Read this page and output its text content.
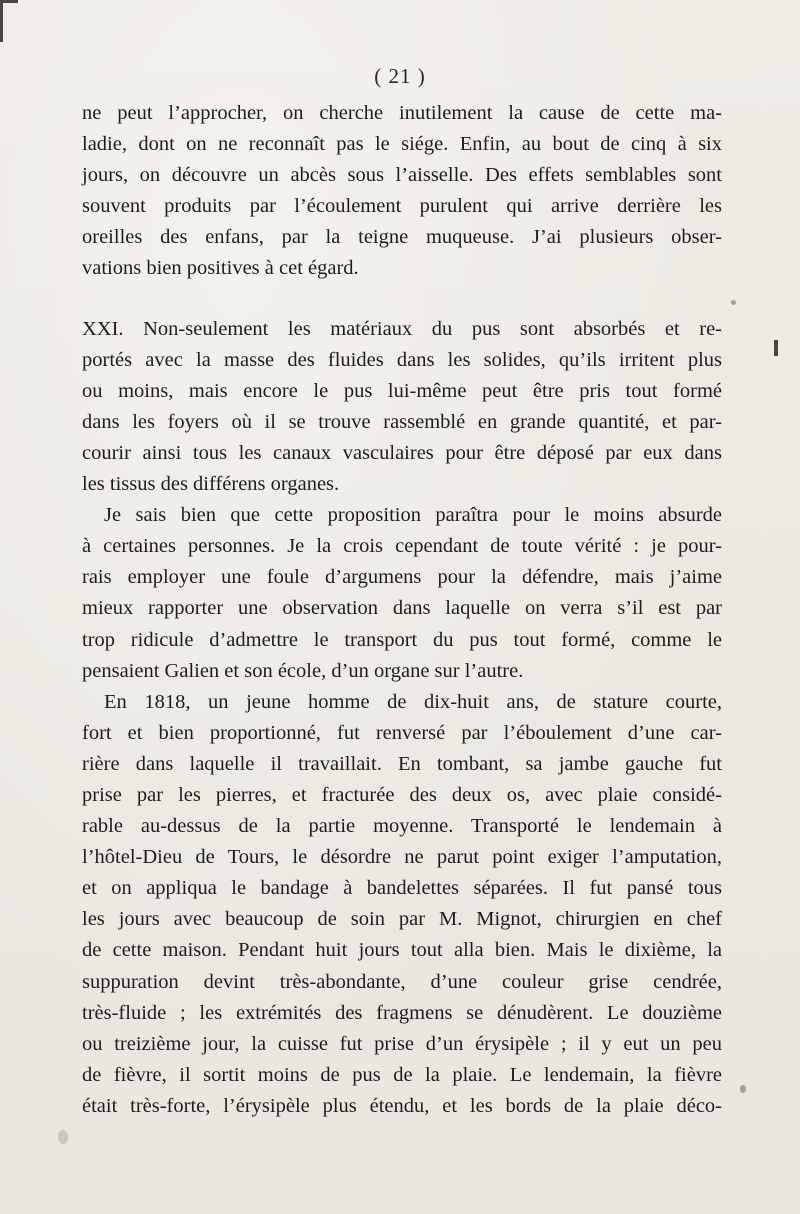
( 21 )
ne peut l’approcher, on cherche inutilement la cause de cette ma-
ladie, dont on ne reconnaît pas le siége. Enfin, au bout de cinq à six
jours, on découvre un abcès sous l’aisselle. Des effets semblables sont
souvent produits par l’écoulement purulent qui arrive derrière les
oreilles des enfans, par la teigne muqueuse. J’ai plusieurs obser-
vations bien positives à cet égard.
XXI. Non-seulement les matériaux du pus sont absorbés et re-
portés avec la masse des fluides dans les solides, qu’ils irritent plus
ou moins, mais encore le pus lui-même peut être pris tout formé
dans les foyers où il se trouve rassemblé en grande quantité, et par-
courir ainsi tous les canaux vasculaires pour être déposé par eux dans
les tissus des différens organes.
Je sais bien que cette proposition paraîtra pour le moins absurde
à certaines personnes. Je la crois cependant de toute vérité : je pour-
rais employer une foule d’argumens pour la défendre, mais j’aime
mieux rapporter une observation dans laquelle on verra s’il est par
trop ridicule d’admettre le transport du pus tout formé, comme le
pensaient Galien et son école, d’un organe sur l’autre.
En 1818, un jeune homme de dix-huit ans, de stature courte,
fort et bien proportionné, fut renversé par l’éboulement d’une car-
rière dans laquelle il travaillait. En tombant, sa jambe gauche fut
prise par les pierres, et fracturée des deux os, avec plaie considé-
rable au-dessus de la partie moyenne. Transporté le lendemain à
l’hôtel-Dieu de Tours, le désordre ne parut point exiger l’amputation,
et on appliqua le bandage à bandelettes séparées. Il fut pansé tous
les jours avec beaucoup de soin par M. Mignot, chirurgien en chef
de cette maison. Pendant huit jours tout alla bien. Mais le dixième, la
suppuration devint très-abondante, d’une couleur grise cendrée,
très-fluide ; les extrémités des fragmens se dénudèrent. Le douzième
ou treizième jour, la cuisse fut prise d’un érysipèle ; il y eut un peu
de fièvre, il sortit moins de pus de la plaie. Le lendemain, la fièvre
était très-forte, l’érysipèle plus étendu, et les bords de la plaie déco-
